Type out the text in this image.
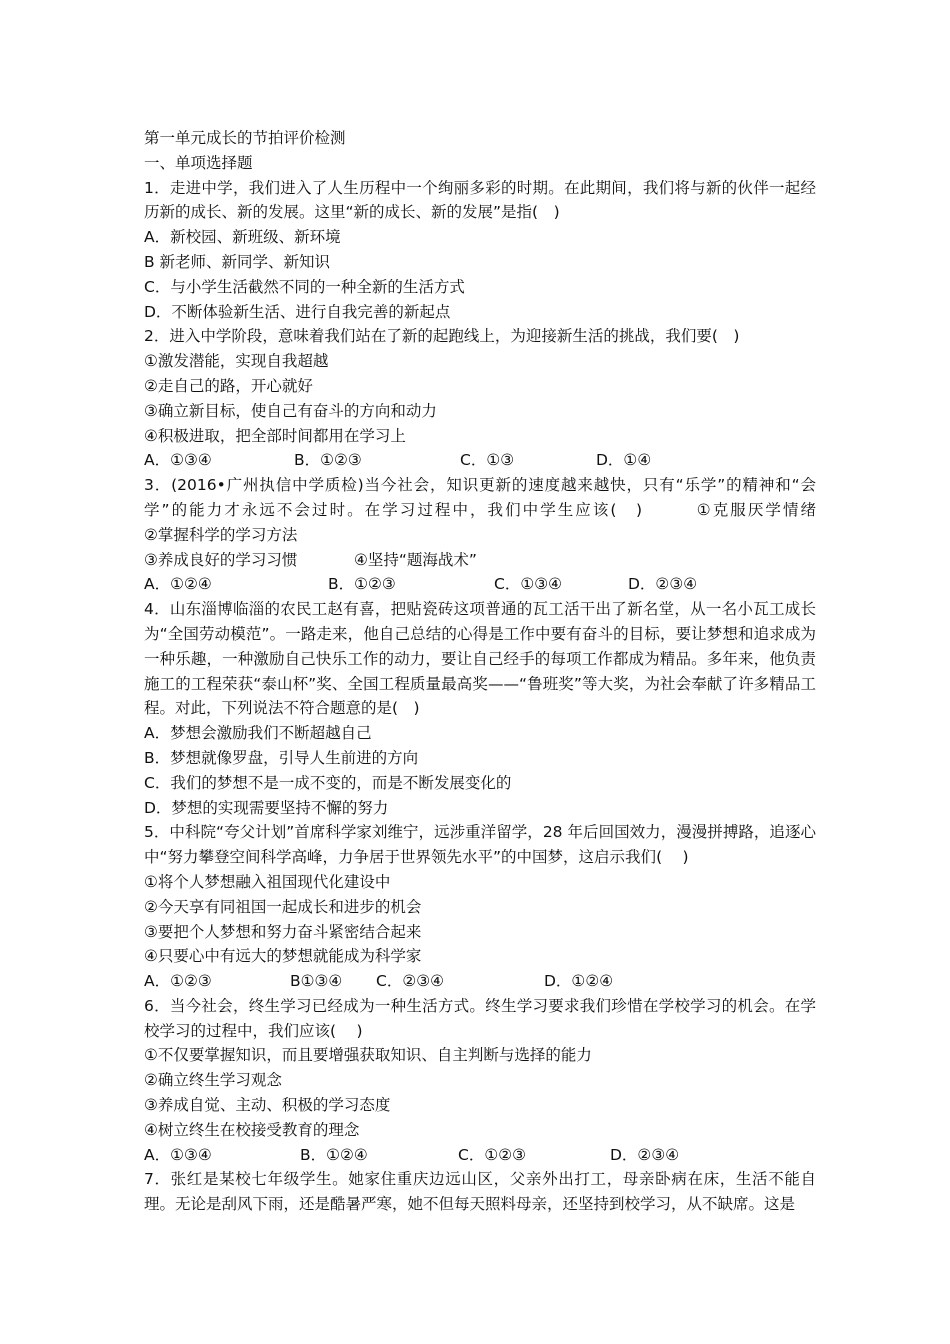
第一单元成长的节拍评价检测
一、单项选择题
1．走进中学，我们进入了人生历程中一个绚丽多彩的时期。在此期间，我们将与新的伙伴一起经历新的成长、新的发展。这里“新的成长、新的发展”是指(　)
A．新校园、新班级、新环境
B 新老师、新同学、新知识
C．与小学生活截然不同的一种全新的生活方式
D．不断体验新生活、进行自我完善的新起点
2．进入中学阶段，意味着我们站在了新的起跑线上，为迎接新生活的挑战，我们要(　)
①激发潜能，实现自我超越
②走自己的路，开心就好
③确立新目标，使自己有奋斗的方向和动力
④积极进取，把全部时间都用在学习上
A．①③④	B．①②③	C．①③	D．①④
3．(2016•广州执信中学质检)当今社会，知识更新的速度越来越快，只有“乐学”的精神和“会学”的能力才永远不会过时。在学习过程中，我们中学生应该(　)　　　①克服厌学情绪　　　　　　②掌握科学的学习方法
③养成良好的学习习惯	④坚持“题海战术”
A．①②④	B．①②③	C．①③④	D．②③④
4．山东淄博临淄的农民工赵有喜，把贴瓷砖这项普通的瓦工活干出了新名堂，从一名小瓦工成长为“全国劳动模范”。一路走来，他自己总结的心得是工作中要有奋斗的目标，要让梦想和追求成为一种乐趣，一种激励自己快乐工作的动力，要让自己经手的每项工作都成为精品。多年来，他负责施工的工程荣获“泰山杯”奖、全国工程质量最高奖——“鲁班奖”等大奖，为社会奉献了许多精品工程。对此，下列说法不符合题意的是(　)
A．梦想会激励我们不断超越自己
B．梦想就像罗盘，引导人生前进的方向
C．我们的梦想不是一成不变的，而是不断发展变化的
D．梦想的实现需要坚持不懈的努力
5．中科院“夸父计划”首席科学家刘维宁，远涉重洋留学，28 年后回国效力，漫漫拼搏路，追逐心中“努力攀登空间科学高峰，力争居于世界领先水平”的中国梦，这启示我们(　 )
①将个人梦想融入祖国现代化建设中
②今天享有同祖国一起成长和进步的机会
③要把个人梦想和努力奋斗紧密结合起来
④只要心中有远大的梦想就能成为科学家
A．①②③	B①③④	C．②③④	D．①②④
6．当今社会，终生学习已经成为一种生活方式。终生学习要求我们珍惜在学校学习的机会。在学校学习的过程中，我们应该(　 )
①不仅要掌握知识，而且要增强获取知识、自主判断与选择的能力
②确立终生学习观念
③养成自觉、主动、积极的学习态度
④树立终生在校接受教育的理念
A．①③④	B．①②④	C．①②③	D．②③④
7．张红是某校七年级学生。她家住重庆边远山区，父亲外出打工，母亲卧病在床，生活不能自理。无论是刮风下雨，还是酷暑严寒，她不但每天照料母亲，还坚持到校学习，从不缺席。这是
